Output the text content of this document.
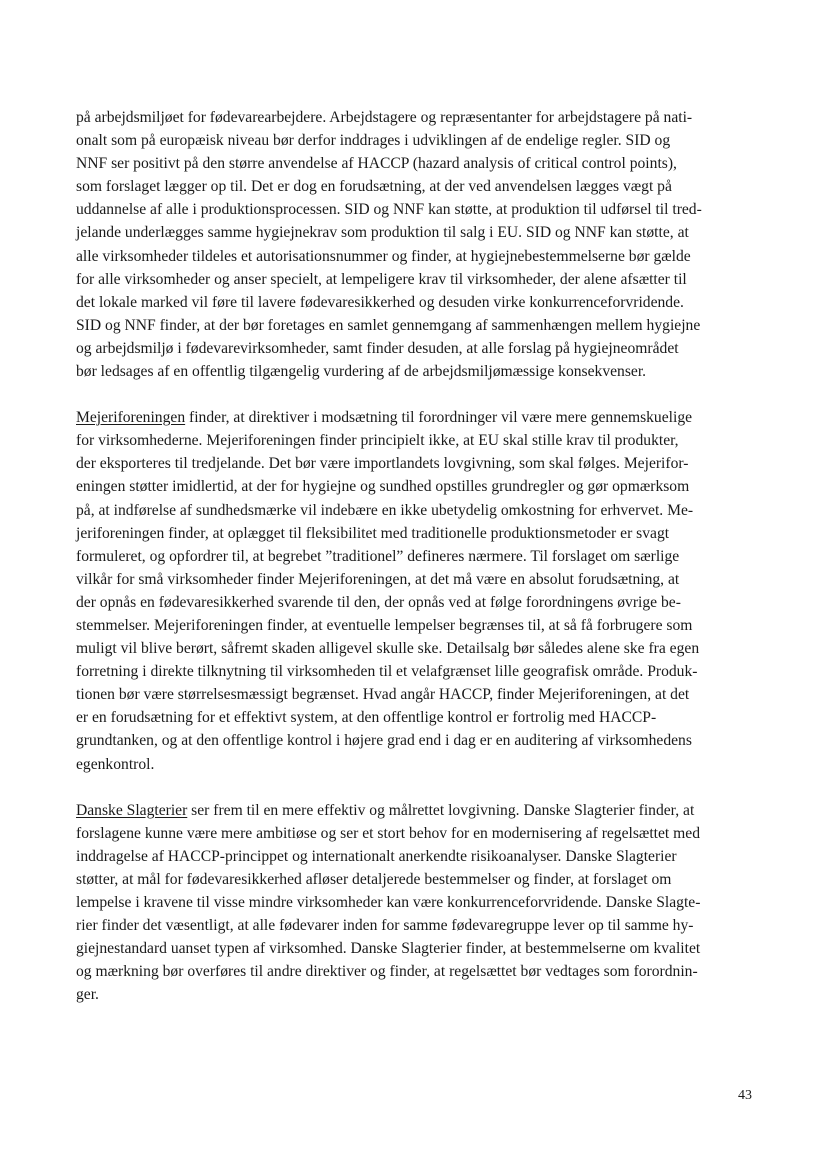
på arbejdsmiljøet for fødevarearbejdere. Arbejdstagere og repræsentanter for arbejdstagere på nati-
onalt som på europæisk niveau bør derfor inddrages i udviklingen af de endelige regler. SID og
NNF ser positivt på den større anvendelse af HACCP (hazard analysis of critical control points),
som forslaget lægger op til. Det er dog en forudsætning, at der ved anvendelsen lægges vægt på
uddannelse af alle i produktionsprocessen. SID og NNF kan støtte, at produktion til udførsel til tred-
jelande underlægges samme hygiejnekrav som produktion til salg i EU. SID og NNF kan støtte, at
alle virksomheder tildeles et autorisationsnummer og finder, at hygiejnebestemmelserne bør gælde
for alle virksomheder og anser specielt, at lempeligere krav til virksomheder, der alene afsætter til
det lokale marked vil føre til lavere fødevaresikkerhed og desuden virke konkurrenceforvridende.
SID og NNF finder, at der bør foretages en samlet gennemgang af sammenhængen mellem hygiejne
og arbejdsmiljø i fødevarevirksomheder, samt finder desuden, at alle forslag på hygiejneområdet
bør ledsages af en offentlig tilgængelig vurdering af de arbejdsmiljømæssige konsekvenser.

Mejeriforeningen finder, at direktiver i modsætning til forordninger vil være mere gennemskuelige
for virksomhederne. Mejeriforeningen finder principielt ikke, at EU skal stille krav til produkter,
der eksporteres til tredjelande. Det bør være importlandets lovgivning, som skal følges. Mejerifor-
eningen støtter imidlertid, at der for hygiejne og sundhed opstilles grundregler og gør opmærksom
på, at indførelse af sundhedsmærke vil indebære en ikke ubetydelig omkostning for erhvervet. Me-
jeriforeningen finder, at oplægget til fleksibilitet med traditionelle produktionsmetoder er svagt
formuleret, og opfordrer til, at begrebet ”traditionel” defineres nærmere. Til forslaget om særlige
vilkår for små virksomheder finder Mejeriforeningen, at det må være en absolut forudsætning, at
der opnås en fødevaresikkerhed svarende til den, der opnås ved at følge forordningens øvrige be-
stemmelser. Mejeriforeningen finder, at eventuelle lempelser begrænses til, at så få forbrugere som
muligt vil blive berørt, såfremt skaden alligevel skulle ske. Detailsalg bør således alene ske fra egen
forretning i direkte tilknytning til virksomheden til et velafgrænset lille geografisk område. Produk-
tionen bør være størrelsesmæssigt begrænset. Hvad angår HACCP, finder Mejeriforeningen, at det
er en forudsætning for et effektivt system, at den offentlige kontrol er fortrolig med HACCP-
grundtanken, og at den offentlige kontrol i højere grad end i dag er en auditering af virksomhedens
egenkontrol.

Danske Slagterier ser frem til en mere effektiv og målrettet lovgivning. Danske Slagterier finder, at
forslagene kunne være mere ambitiøse og ser et stort behov for en modernisering af regelsættet med
inddragelse af HACCP-princippet og internationalt anerkendte risikoanalyser. Danske Slagterier
støtter, at mål for fødevaresikkerhed afløser detaljerede bestemmelser og finder, at forslaget om
lempelse i kravene til visse mindre virksomheder kan være konkurrenceforvridende. Danske Slagte-
rier finder det væsentligt, at alle fødevarer inden for samme fødevaregruppe lever op til samme hy-
giejnestandard uanset typen af virksomhed. Danske Slagterier finder, at bestemmelserne om kvalitet
og mærkning bør overføres til andre direktiver og finder, at regelsættet bør vedtages som forordnin-
ger.

43
